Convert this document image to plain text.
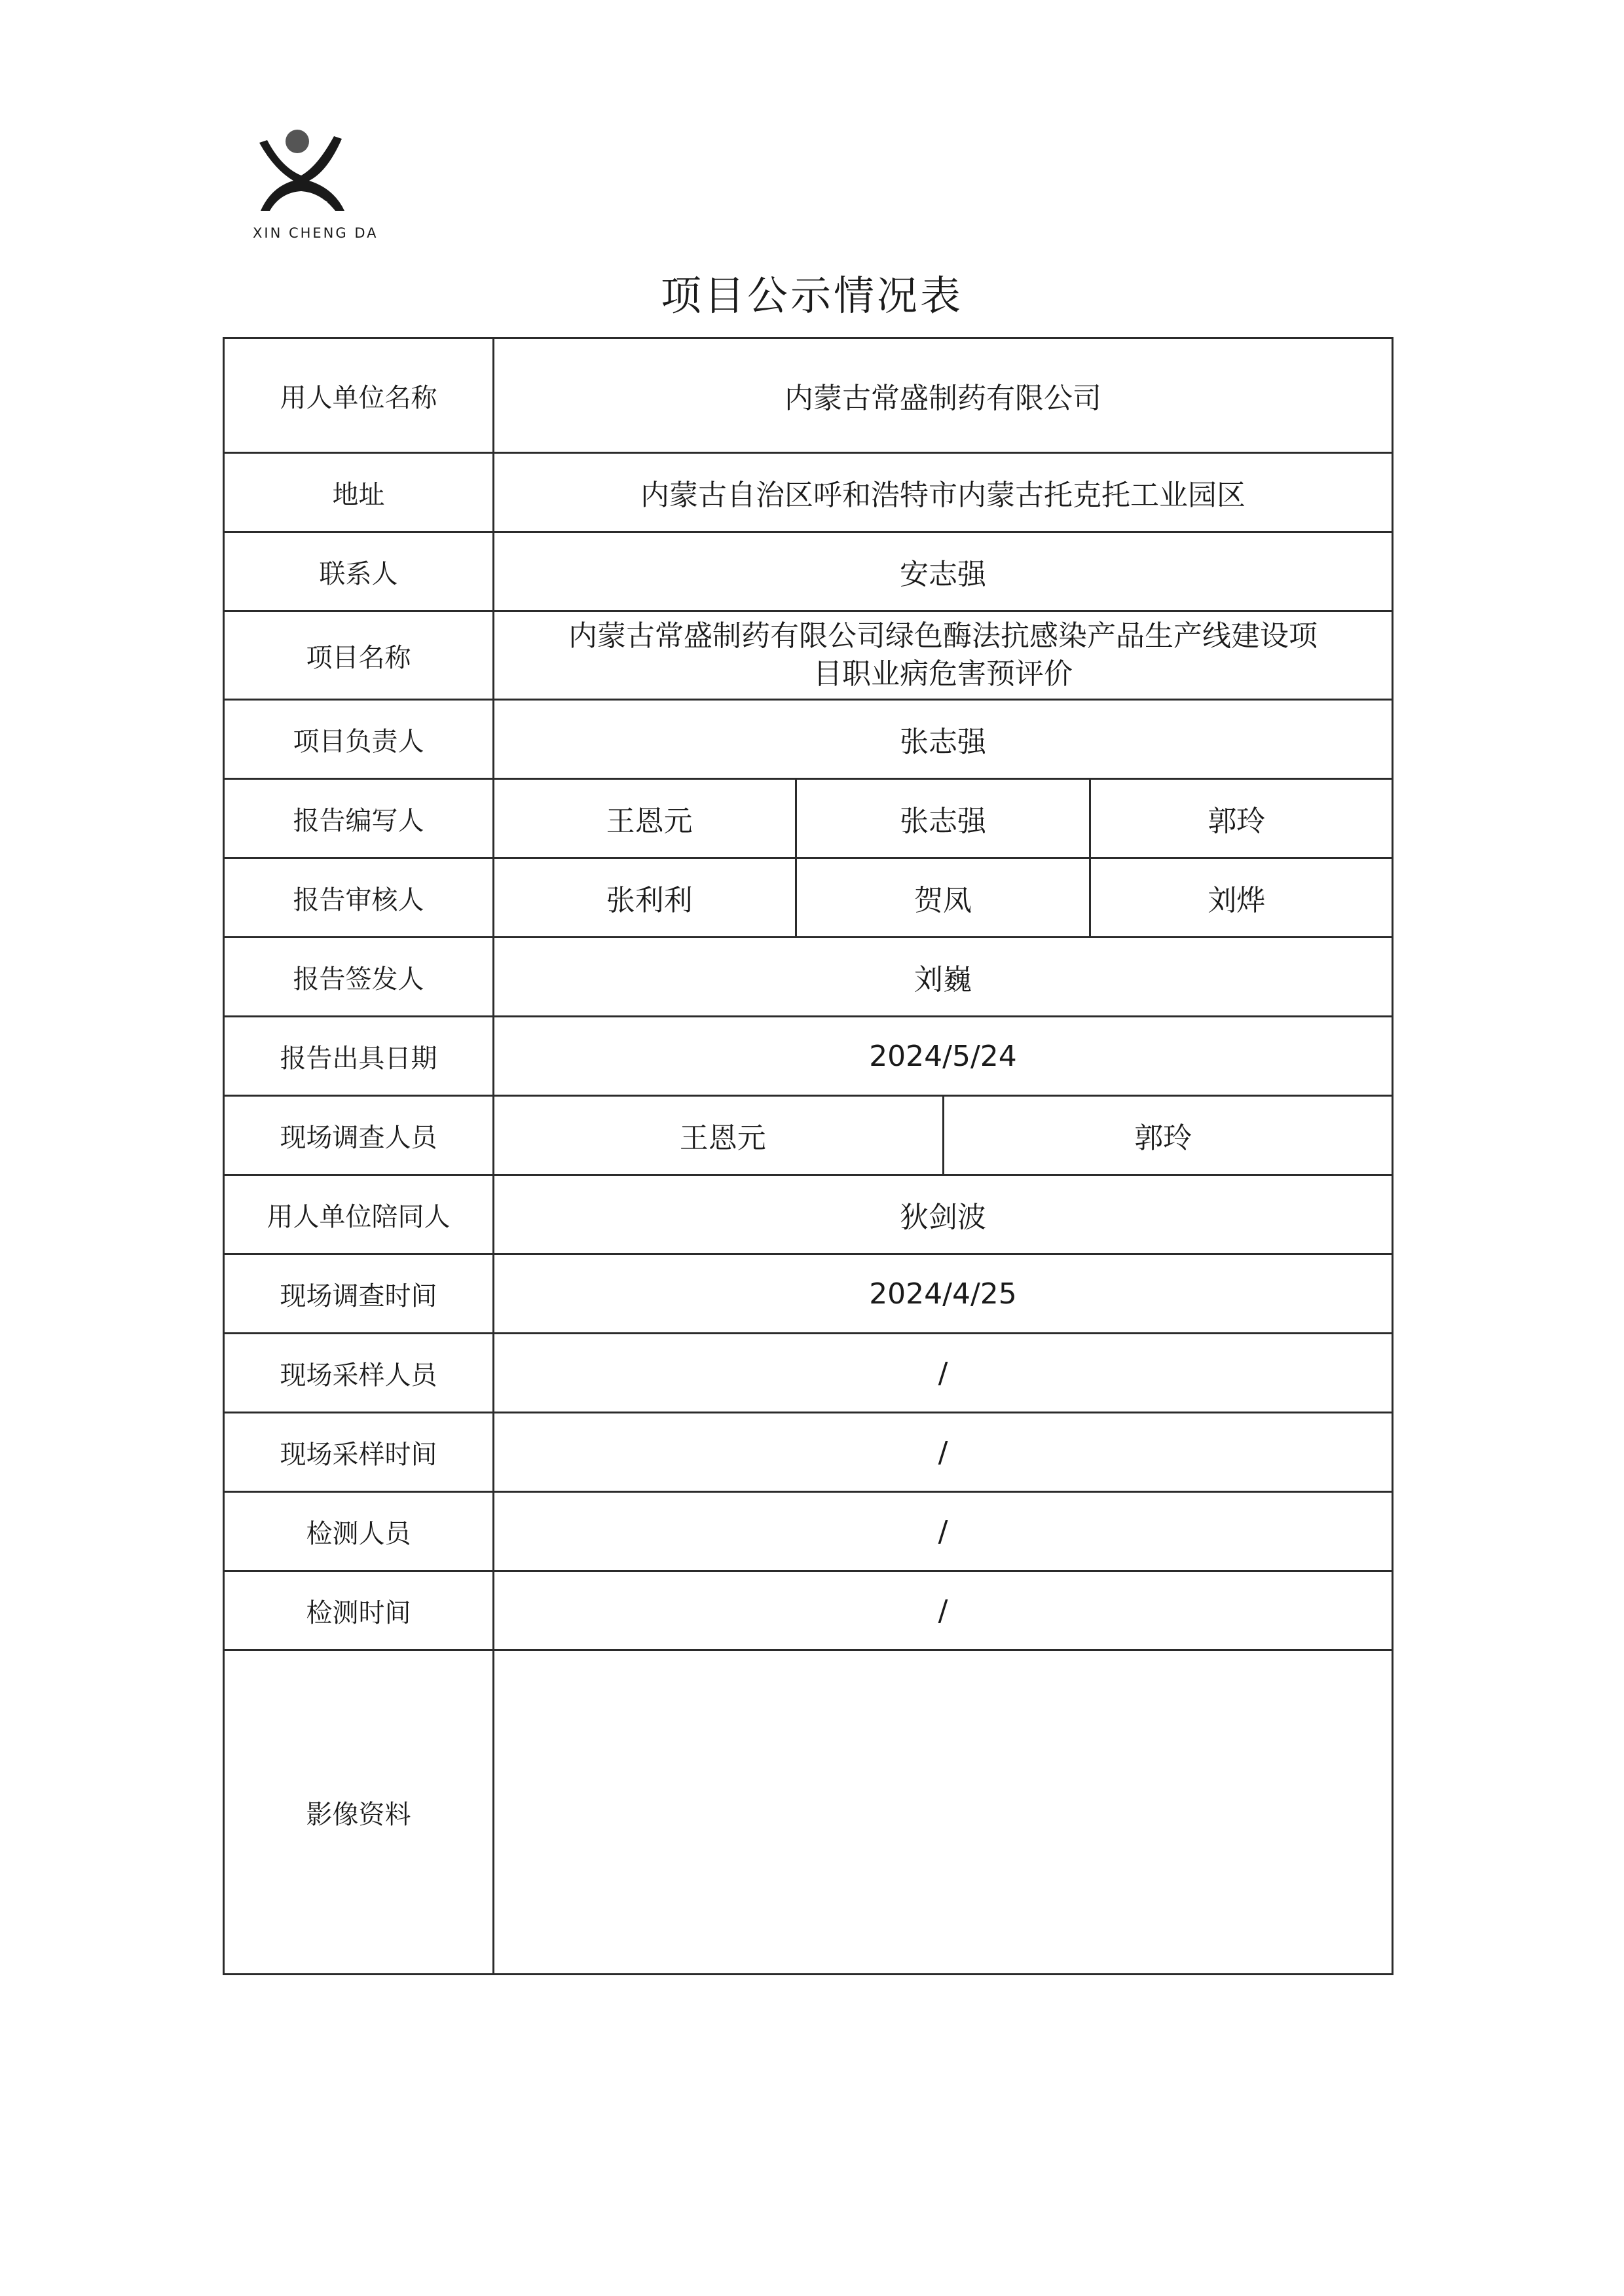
XIN CHENG DA
项目公示情况表
用人单位名称	内蒙古常盛制药有限公司
地址	内蒙古自治区呼和浩特市内蒙古托克托工业园区
联系人	安志强
项目名称	内蒙古常盛制药有限公司绿色酶法抗感染产品生产线建设项
目职业病危害预评价

项目负责人	张志强
报告编写人	王恩元 张志强 郭玲

报告审核人	张利利 贺凤 刘烨

报告签发人	刘巍
报告出具日期	2024/5/24
现场调查人员	王恩元 郭玲

用人单位陪同人	狄剑波
现场调查时间	2024/4/25
现场采样人员	/
现场采样时间	/
检测人员	/
检测时间	/
影像资料	
